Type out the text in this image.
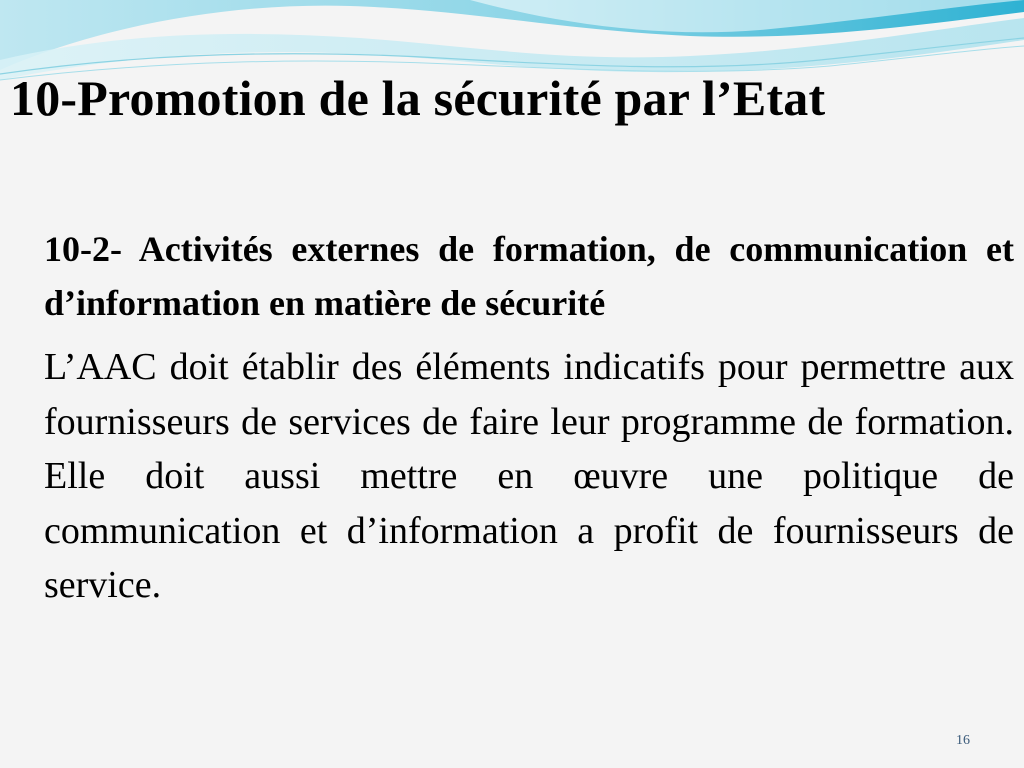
10-Promotion de la sécurité par l’Etat

10-2- Activités externes de formation, de communication et d’information en matière de sécurité

L’AAC doit établir des éléments indicatifs pour permettre aux fournisseurs de services de faire leur programme de formation. Elle doit aussi mettre en œuvre une politique de communication et d’information a profit de fournisseurs de service.

16
